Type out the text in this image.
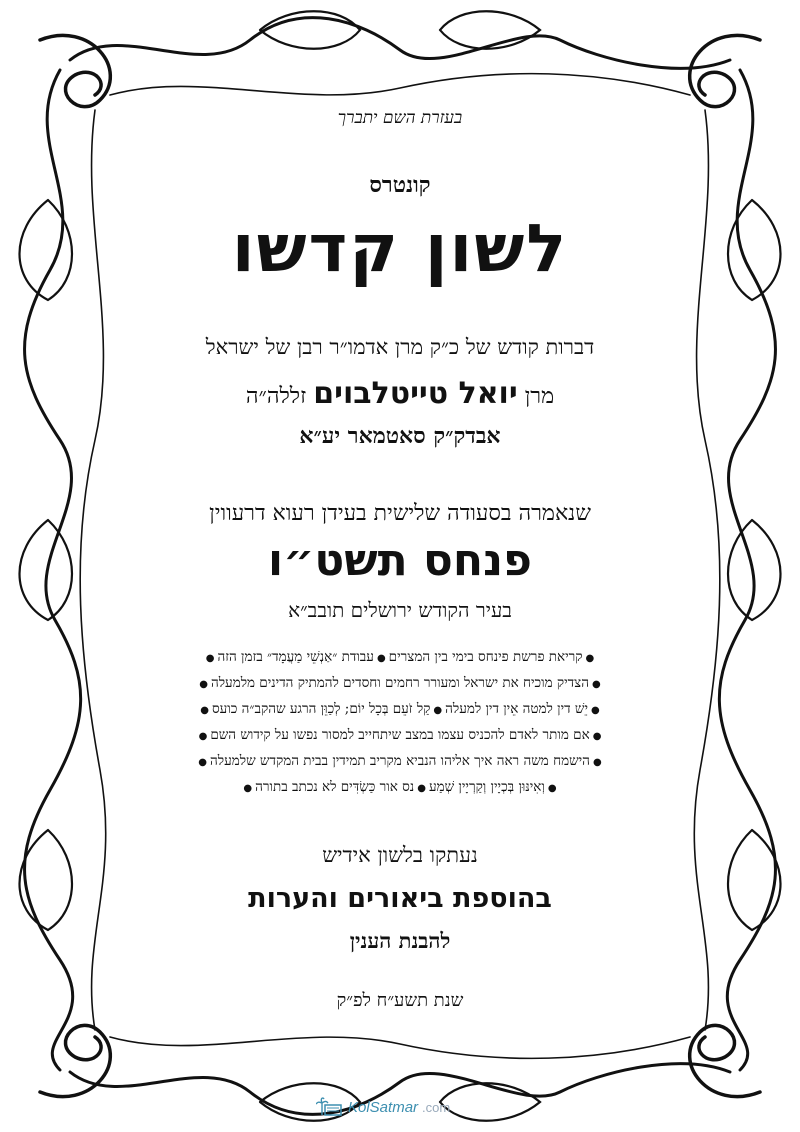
בעזרת השם יתברך
קונטרס
לשון קדשו
דברות קודש של כ״ק מרן אדמו״ר רבן של ישראל
מרן יואל טייטלבוים זללה״ה
אבדק״ק סאטמאר יע״א
שנאמרה בסעודה שלישית בעידן רעוא דרעווין
פנחס תשט״ו
בעיר הקודש ירושלים תובב״א
●קריאת פרשת פינחס בימי בין המצרים●עבודת ״אַנְשֵׁי מַעֲמָד״ בזמן הזה●
●הצדיק מוכיח את ישראל ומעורר רחמים וחסדים להמתיק הדינים מלמעלה●
●יֵשׁ דין למטה אֵין דין למעלה●קַל זֹעֵם בְּכָל יוֹם; לְכַוֵּן הרגע שהקב״ה כועס●
●אם מותר לאדם להכניס עצמו במצב שיתחייב למסור נפשו על קידוש השם●
●הישמח משה ראה איך אליהו הנביא מקריב תמידין בבית המקדש שלמעלה●
●וְאִינּוּן בְּכְיָין וְקַרְיָין שְׁמַע●נס אור כַּשְׂדִּים לא נכתב בתורה●
נעתקו בלשון אידיש
בהוספת ביאורים והערות
להבנת הענין
שנת תשע״ח לפ״ק
KolSatmar .com
